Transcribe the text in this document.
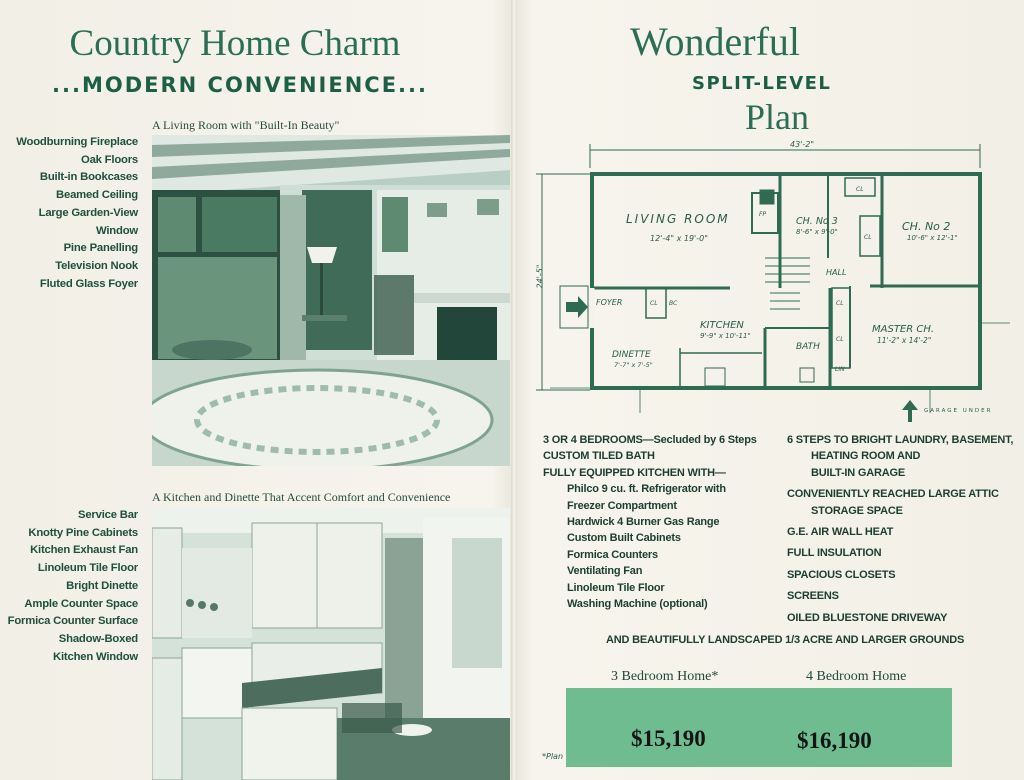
Country Home Charm
...MODERN CONVENIENCE...
A Living Room with "Built-In Beauty"
Woodburning Fireplace
Oak Floors
Built-in Bookcases
Beamed Ceiling
Large Garden-View
Window
Pine Panelling
Television Nook
Fluted Glass Foyer
A Kitchen and Dinette That Accent Comfort and Convenience
Service Bar
Knotty Pine Cabinets
Kitchen Exhaust Fan
Linoleum Tile Floor
Bright Dinette
Ample Counter Space
Formica Counter Surface
Shadow-Boxed
Kitchen Window
Wonderful
SPLIT-LEVEL
Plan
43'-2"
24'-5"
LIVING ROOM
12'-4" x 19'-0"
CH. No 3
8'-6" x 9'-0"	CH. No 2
10'-6" x 12'-1"
HALL
FOYER
KITCHEN
9'-9" x 10'-11"
BATH
MASTER CH.
11'-2" x 14'-2"
DINETTE
7'-7" x 7'-5"
FP
CL
CL
CL	CL
CL
BC
LIN
GARAGE UNDER
3 OR 4 BEDROOMS—Secluded by 6 Steps
CUSTOM TILED BATH
FULLY EQUIPPED KITCHEN WITH—
Philco 9 cu. ft. Refrigerator with
Freezer Compartment
Hardwick 4 Burner Gas Range
Custom Built Cabinets
Formica Counters
Ventilating Fan
Linoleum Tile Floor
Washing Machine (optional)
6 STEPS TO BRIGHT LAUNDRY, BASEMENT,
HEATING ROOM AND
BUILT-IN GARAGE
CONVENIENTLY REACHED LARGE ATTIC
STORAGE SPACE
G.E. AIR WALL HEAT
FULL INSULATION
SPACIOUS CLOSETS
SCREENS
OILED BLUESTONE DRIVEWAY
AND BEAUTIFULLY LANDSCAPED 1/3 ACRE AND LARGER GROUNDS
3 Bedroom Home*	4 Bedroom Home
$15,190	$16,190
*Plan
